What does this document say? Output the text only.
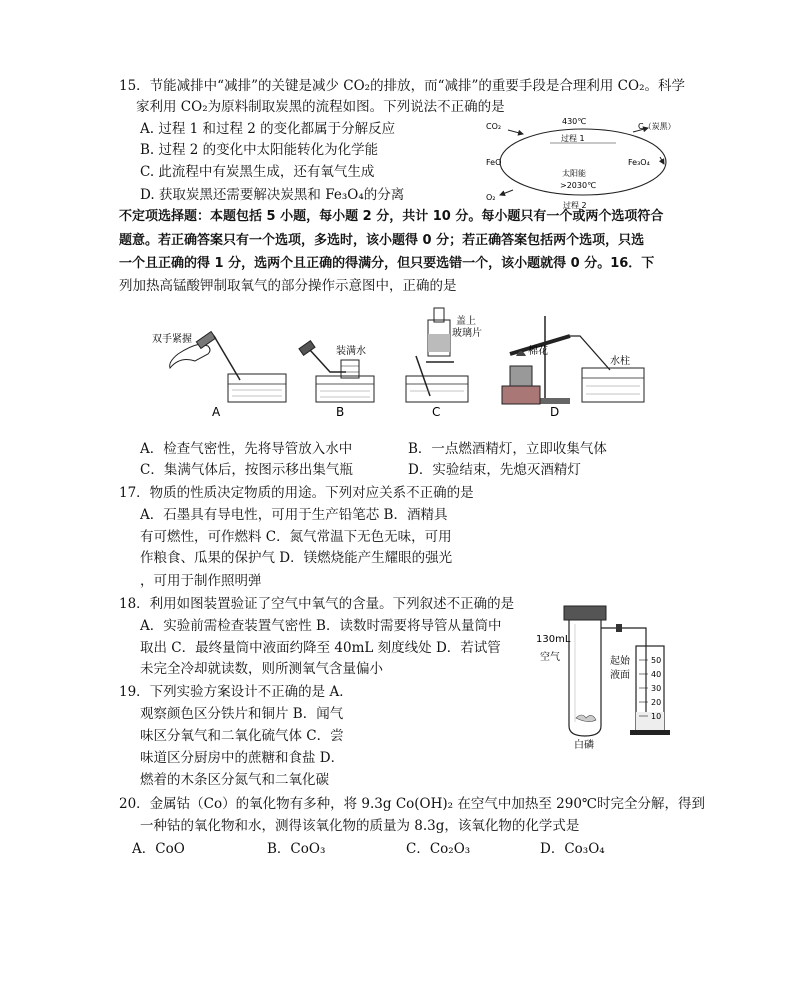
15．节能减排中“减排”的关键是减少 CO₂的排放，而“减排”的重要手段是合理利用 CO₂。科学
家利用 CO₂为原料制取炭黑的流程如图。下列说法不正确的是
A. 过程 1 和过程 2 的变化都属于分解反应
B. 过程 2 的变化中太阳能转化为化学能
C. 此流程中有炭黑生成，还有氧气生成
D. 获取炭黑还需要解决炭黑和 Fe₃O₄的分离
CO₂
430℃
过程 1
C（炭黑）
FeO	Fe₃O₄
太阳能
>2030℃
O₂
过程 2
不定项选择题：本题包括 5 小题，每小题 2 分，共计 10 分。每小题只有一个或两个选项符合
题意。若正确答案只有一个选项，多选时，该小题得 0 分；若正确答案包括两个选项，只选
一个且正确的得 1 分，选两个且正确的得满分，但只要选错一个，该小题就得 0 分。16．下
列加热高锰酸钾制取氧气的部分操作示意图中，正确的是
双手紧握
A
装满水
B
盖上
玻璃片
C
棉花
水柱
D
A．检查气密性，先将导管放入水中	B．一点燃酒精灯，立即收集气体
C．集满气体后，按图示移出集气瓶	D．实验结束，先熄灭酒精灯
17．物质的性质决定物质的用途。下列对应关系不正确的是
A．石墨具有导电性，可用于生产铅笔芯 B．酒精具
有可燃性，可作燃料 C．氮气常温下无色无味，可用
作粮食、瓜果的保护气 D．镁燃烧能产生耀眼的强光
，可用于制作照明弹
18．利用如图装置验证了空气中氧气的含量。下列叙述不正确的是
A．实验前需检查装置气密性 B．读数时需要将导管从量筒中
取出 C．最终量筒中液面约降至 40mL 刻度线处 D．若试管
未完全冷却就读数，则所测氧气含量偏小
50
40
30
20
10
130mL
空气	起始
液面
白磷
19．下列实验方案设计不正确的是 A．
观察颜色区分铁片和铜片 B．闻气
味区分氧气和二氧化硫气体 C．尝
味道区分厨房中的蔗糖和食盐 D．
燃着的木条区分氮气和二氧化碳
20．金属钴（Co）的氧化物有多种，将 9.3g Co(OH)₂ 在空气中加热至 290℃时完全分解，得到
一种钴的氧化物和水，测得该氧化物的质量为 8.3g，该氧化物的化学式是
A．CoO	B．CoO₃	C．Co₂O₃	D．Co₃O₄
